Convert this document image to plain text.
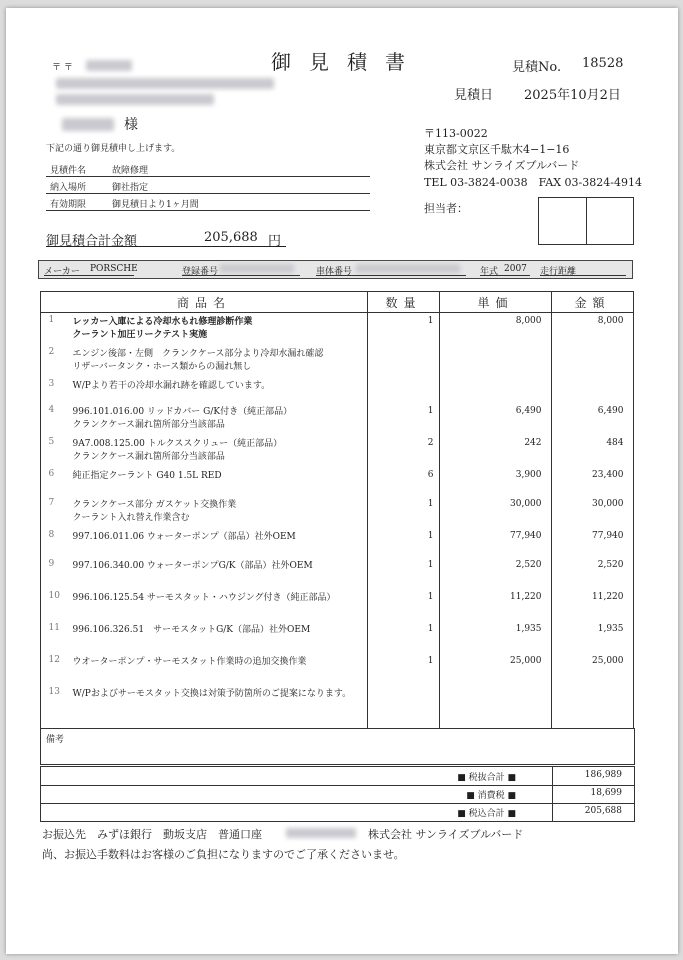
御見積書	見積No. 18528
見積日 2025年10月2日
〒 〒
様
下記の通り御見積申し上げます。
見積件名	故障修理
納入場所	御社指定
有効期限	御見積日より1ヶ月間
御見積合計金額	205,688 円
〒113-0022
東京都文京区千駄木4−1−16
株式会社 サンライズブルバード
TEL 03-3824-0038　FAX 03-3824-4914
担当者：
メーカー PORSCHE	登録番号	車体番号	年式 2007 走行距離
商品名	数量	単価	金額

1 レッカー入庫による冷却水もれ修理診断作業
クーラント加圧リークテスト実施	1	8,000	8,000

2 エンジン後部・左側　クランクケース部分より冷却水漏れ確認
リザーバータンク・ホース類からの漏れ無し			

3 W/Pより若干の冷却水漏れ跡を確認しています。			

4 996.101.016.00 リッドカバー G/K付き（純正部品）
クランクケース漏れ箇所部分当該部品	1	6,490	6,490

5 9A7.008.125.00 トルクススクリュー（純正部品）
クランクケース漏れ箇所部分当該部品	2	242	484

6 純正指定クーラント G40 1.5L RED	6	3,900	23,400

7 クランクケース部分 ガスケット交換作業
クーラント入れ替え作業含む	1	30,000	30,000

8 997.106.011.06 ウォーターポンプ（部品）社外OEM	1	77,940	77,940

9 997.106.340.00 ウォーターポンプG/K（部品）社外OEM	1	2,520	2,520

10 996.106.125.54 サーモスタット・ハウジング付き（純正部品）	1	11,220	11,220

11 996.106.326.51　サーモスタットG/K（部品）社外OEM	1	1,935	1,935

12 ウオーターポンプ・サーモスタット作業時の追加交換作業	1	25,000	25,000

13 W/Pおよびサーモスタット交換は対策予防箇所のご提案になります。			

備考
■ 税抜合計 ■	186,989
■ 消費税 ■	18,699
■ 税込合計 ■	205,688
お振込先　みずほ銀行　動坂支店　普通口座	株式会社 サンライズブルバード
尚、お振込手数料はお客様のご負担になりますのでご了承くださいませ。
